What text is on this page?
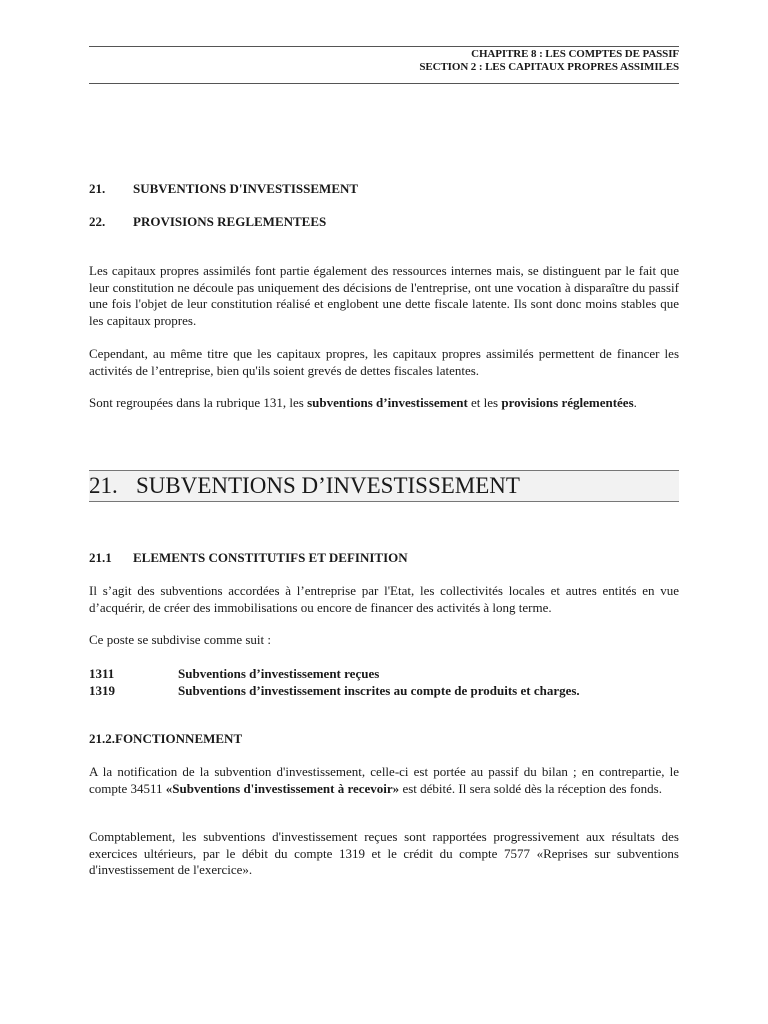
CHAPITRE 8 : LES COMPTES DE PASSIF
SECTION 2 : LES CAPITAUX PROPRES ASSIMILES
21. SUBVENTIONS D'INVESTISSEMENT
22. PROVISIONS REGLEMENTEES
Les capitaux propres assimilés font partie également des ressources internes mais, se distinguent par le fait que leur constitution ne découle pas uniquement des décisions de l'entreprise, ont une vocation à disparaître du passif une fois l'objet de leur constitution réalisé et englobent une dette fiscale latente. Ils sont donc moins stables que les capitaux propres.
Cependant, au même titre que les capitaux propres, les capitaux propres assimilés permettent de financer les activités de l’entreprise, bien qu'ils soient grevés de dettes fiscales latentes.
Sont regroupées dans la rubrique 131, les subventions d’investissement et les provisions réglementées.
21. SUBVENTIONS D’INVESTISSEMENT
21.1 ELEMENTS CONSTITUTIFS ET DEFINITION
Il s’agit des subventions accordées à l’entreprise par l'Etat, les collectivités locales et autres entités en vue d’acquérir, de créer des immobilisations ou encore de financer des activités à long terme.
Ce poste se subdivise comme suit :
1311	Subventions d’investissement reçues
1319	Subventions d’investissement inscrites au compte de produits et charges.
21.2.FONCTIONNEMENT
A la notification de la subvention d'investissement, celle-ci est portée au passif du bilan ; en contrepartie, le compte 34511 «Subventions d'investissement à recevoir» est débité. Il sera soldé dès la réception des fonds.
Comptablement, les subventions d'investissement reçues sont rapportées progressivement aux résultats des exercices ultérieurs, par le débit du compte 1319 et le crédit du compte 7577 «Reprises sur subventions d'investissement de l'exercice».
